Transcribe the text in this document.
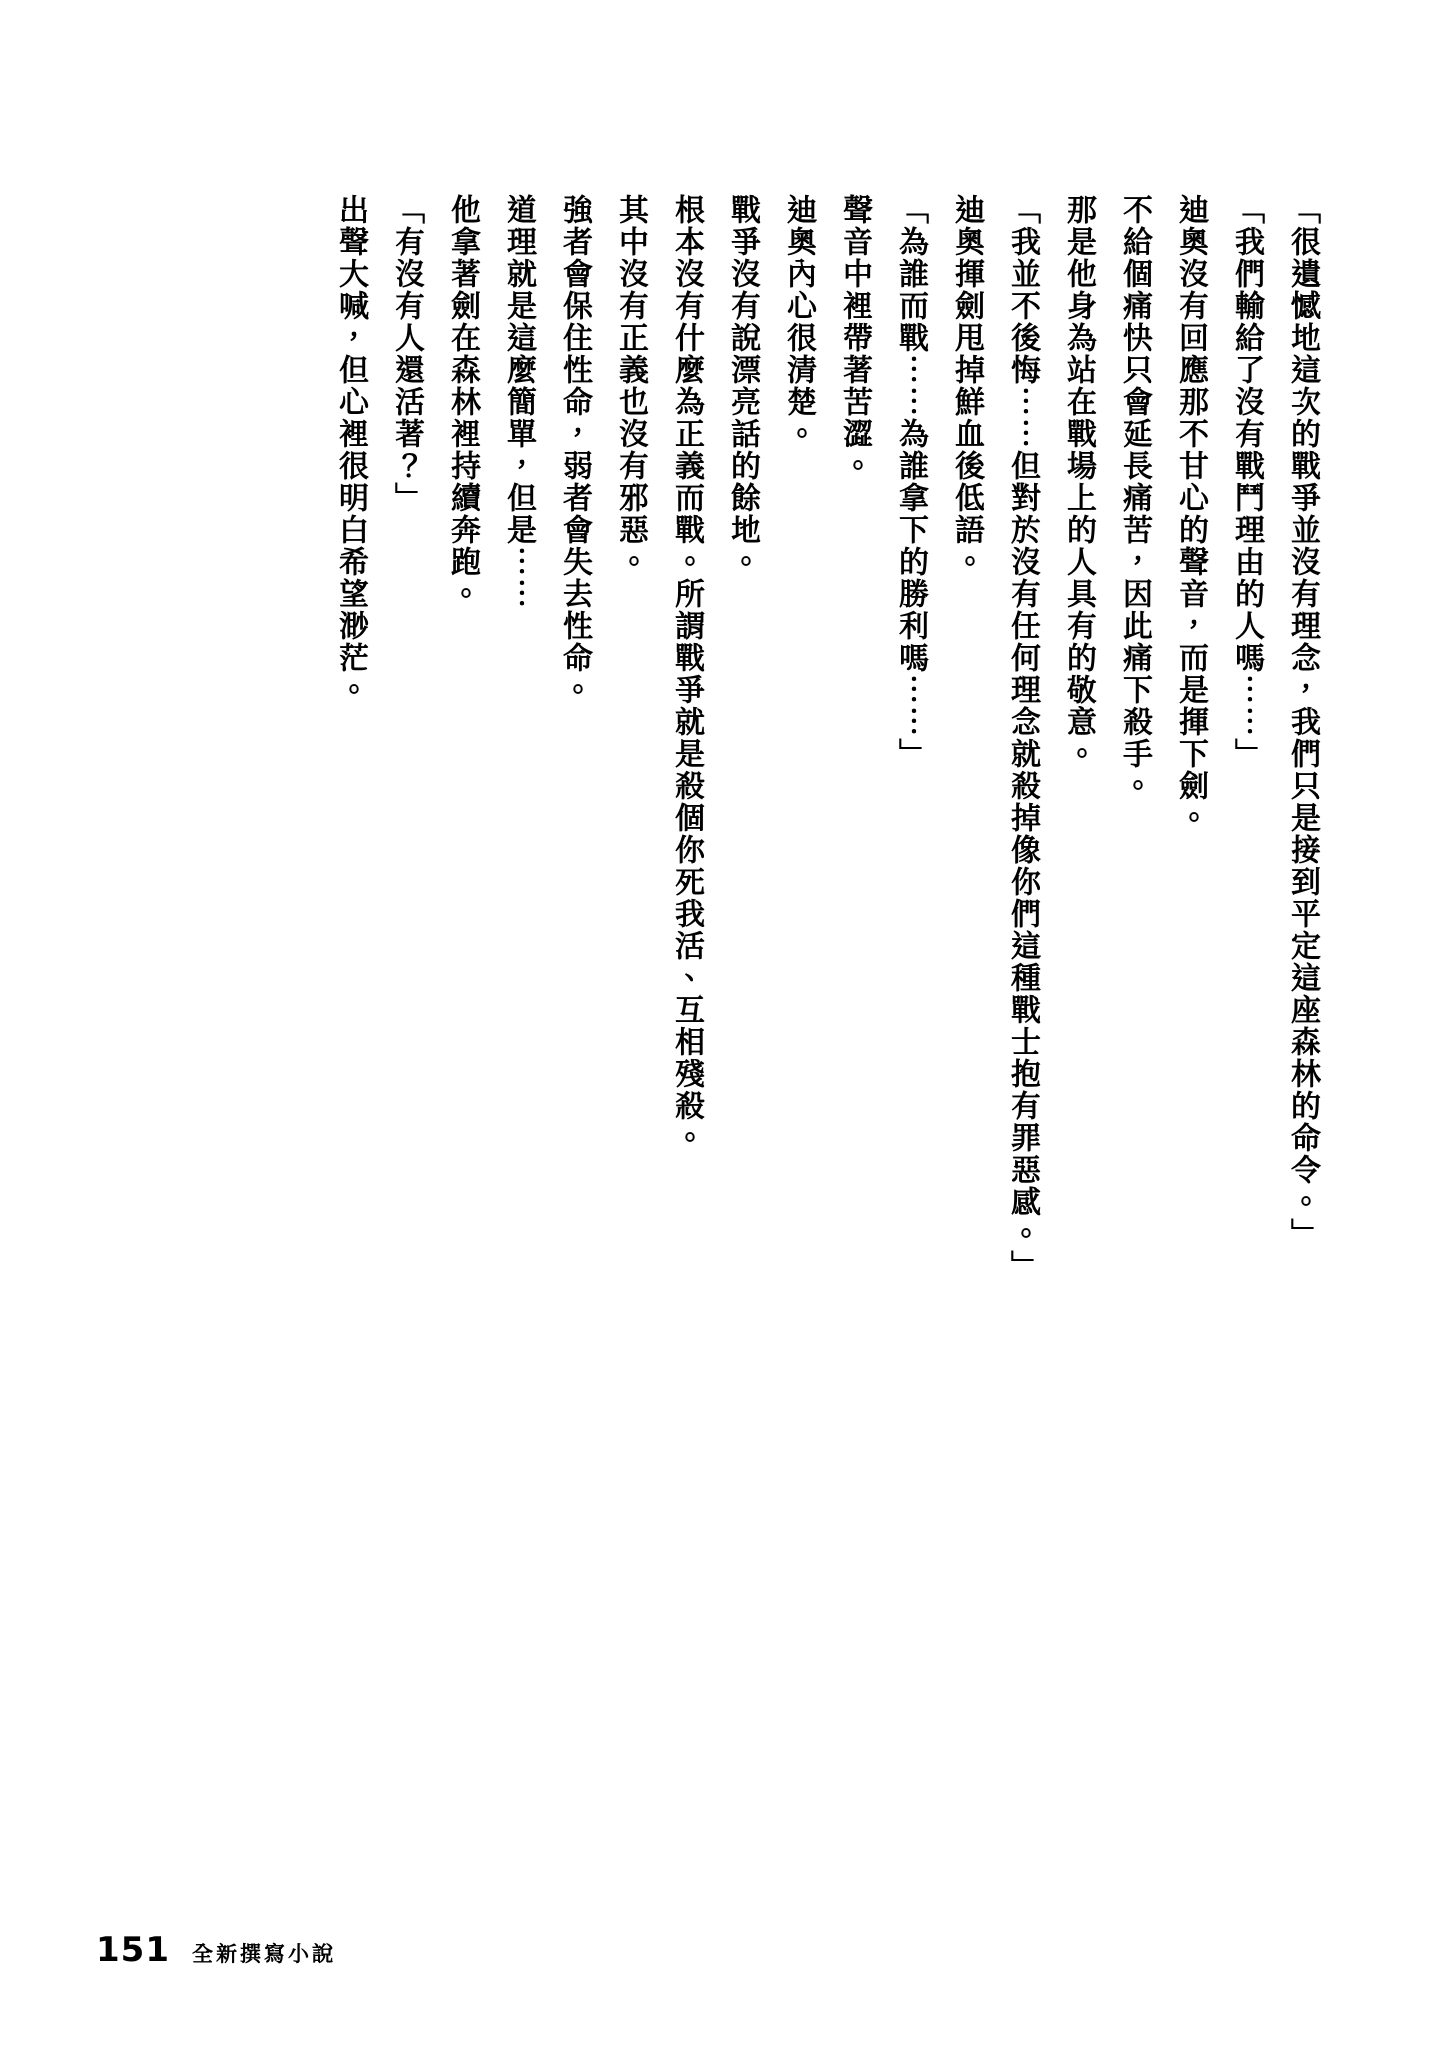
「很遺憾地這次的戰爭並沒有理念，我們只是接到平定這座森林的命令。」

「我們輸給了沒有戰鬥理由的人嗎⋯⋯」

迪奧沒有回應那不甘心的聲音，而是揮下劍。

不給個痛快只會延長痛苦，因此痛下殺手。

那是他身為站在戰場上的人具有的敬意。

「我並不後悔⋯⋯但對於沒有任何理念就殺掉像你們這種戰士抱有罪惡感。」

迪奧揮劍甩掉鮮血後低語。

「為誰而戰⋯⋯為誰拿下的勝利嗎⋯⋯」

聲音中裡帶著苦澀。

迪奧內心很清楚。

戰爭沒有說漂亮話的餘地。

根本沒有什麼為正義而戰。所謂戰爭就是殺個你死我活、互相殘殺。

其中沒有正義也沒有邪惡。

強者會保住性命，弱者會失去性命。

道理就是這麼簡單，但是⋯⋯

他拿著劍在森林裡持續奔跑。

「有沒有人還活著？」

出聲大喊，但心裡很明白希望渺茫。

151 全新撰寫小說
